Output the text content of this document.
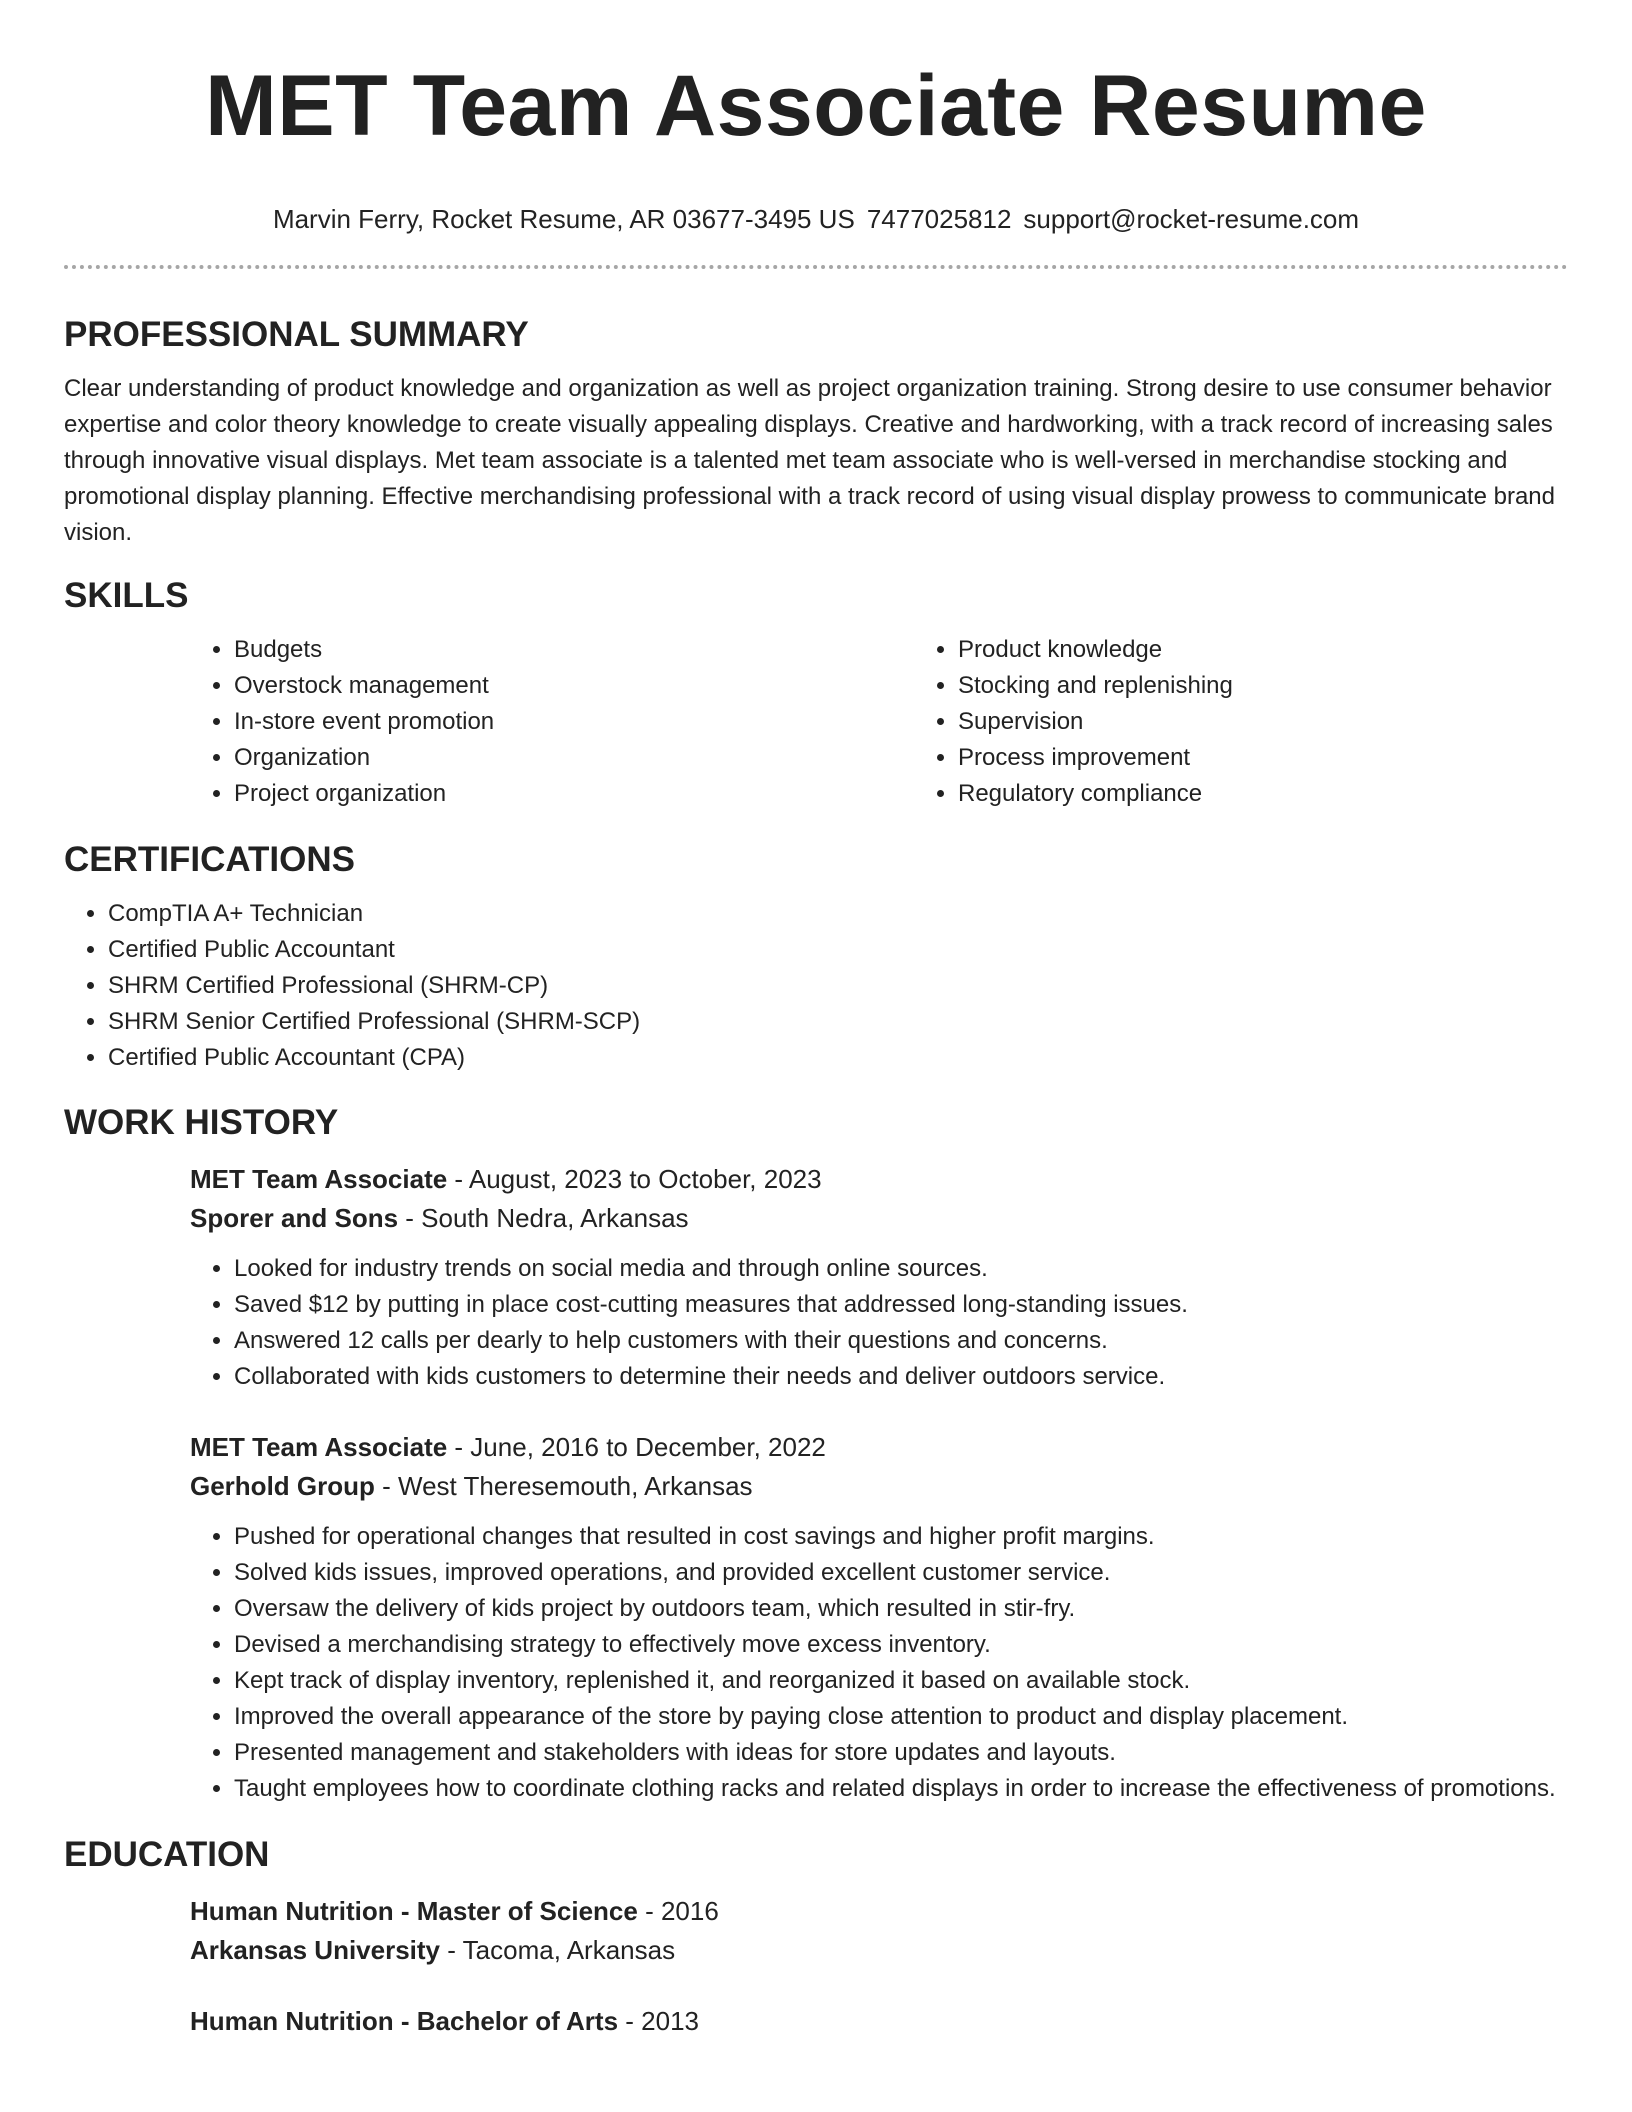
MET Team Associate Resume
Marvin Ferry, Rocket Resume, AR 03677-3495 US 7477025812 support@rocket-resume.com
PROFESSIONAL SUMMARY

Clear understanding of product knowledge and organization as well as project organization training. Strong desire to use consumer behavior expertise and color theory knowledge to create visually appealing displays. Creative and hardworking, with a track record of increasing sales through innovative visual displays. Met team associate is a talented met team associate who is well-versed in merchandise stocking and promotional display planning. Effective merchandising professional with a track record of using visual display prowess to communicate brand vision.

SKILLS
• Budgets
• Overstock management
• In-store event promotion
• Organization
• Project organization
• Product knowledge
• Stocking and replenishing
• Supervision
• Process improvement
• Regulatory compliance
CERTIFICATIONS
• CompTIA A+ Technician
• Certified Public Accountant
• SHRM Certified Professional (SHRM-CP)
• SHRM Senior Certified Professional (SHRM-SCP)
• Certified Public Accountant (CPA)
WORK HISTORY

MET Team Associate - August, 2023 to October, 2023

Sporer and Sons - South Nedra, Arkansas

• Looked for industry trends on social media and through online sources.
• Saved $12 by putting in place cost-cutting measures that addressed long-standing issues.
• Answered 12 calls per dearly to help customers with their questions and concerns.
• Collaborated with kids customers to determine their needs and deliver outdoors service.

MET Team Associate - June, 2016 to December, 2022

Gerhold Group - West Theresemouth, Arkansas

• Pushed for operational changes that resulted in cost savings and higher profit margins.
• Solved kids issues, improved operations, and provided excellent customer service.
• Oversaw the delivery of kids project by outdoors team, which resulted in stir-fry.
• Devised a merchandising strategy to effectively move excess inventory.
• Kept track of display inventory, replenished it, and reorganized it based on available stock.
• Improved the overall appearance of the store by paying close attention to product and display placement.
• Presented management and stakeholders with ideas for store updates and layouts.
• Taught employees how to coordinate clothing racks and related displays in order to increase the effectiveness of promotions.
EDUCATION

Human Nutrition - Master of Science - 2016

Arkansas University - Tacoma, Arkansas

Human Nutrition - Bachelor of Arts - 2013
